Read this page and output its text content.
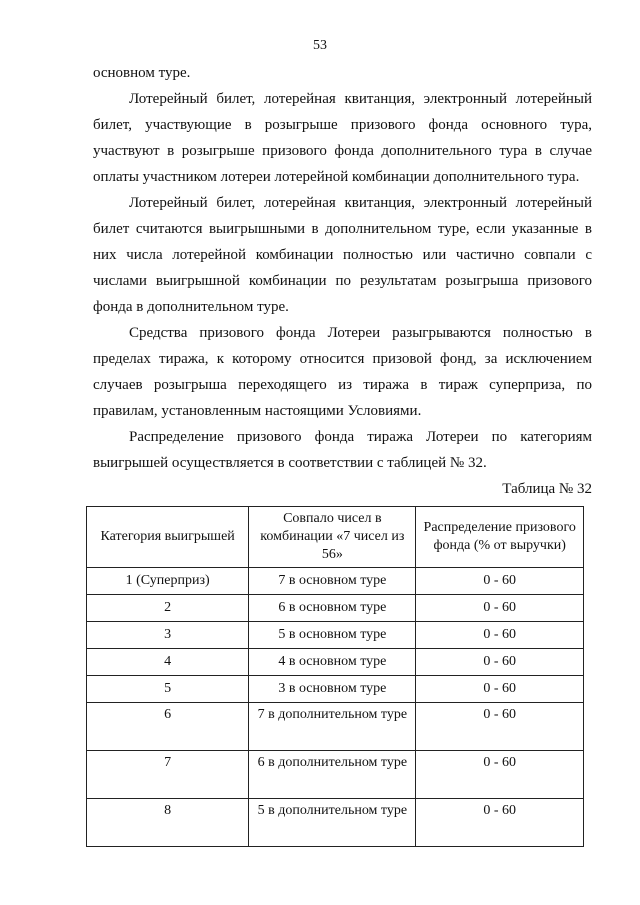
53
основном туре.

Лотерейный билет, лотерейная квитанция, электронный лотерейный билет, участвующие в розыгрыше призового фонда основного тура, участвуют в розыгрыше призового фонда дополнительного тура в случае оплаты участником лотереи лотерейной комбинации дополнительного тура.

Лотерейный билет, лотерейная квитанция, электронный лотерейный билет считаются выигрышными в дополнительном туре, если указанные в них числа лотерейной комбинации полностью или частично совпали с числами выигрышной комбинации по результатам розыгрыша призового фонда в дополнительном туре.

Средства призового фонда Лотереи разыгрываются полностью в пределах тиража, к которому относится призовой фонд, за исключением случаев розыгрыша переходящего из тиража в тираж суперприза, по правилам, установленным настоящими Условиями.

Распределение призового фонда тиража Лотереи по категориям выигрышей осуществляется в соответствии с таблицей № 32.

Таблица № 32
Категория выигрышей	Совпало чисел в комбинации «7 чисел из 56»	Распределение призового фонда (% от выручки)
1 (Суперприз)	7 в основном туре	0 - 60
2	6 в основном туре	0 - 60
3	5 в основном туре	0 - 60
4	4 в основном туре	0 - 60
5	3 в основном туре	0 - 60
6	7 в дополнительном туре	0 - 60
7	6 в дополнительном туре	0 - 60
8	5 в дополнительном туре	0 - 60
